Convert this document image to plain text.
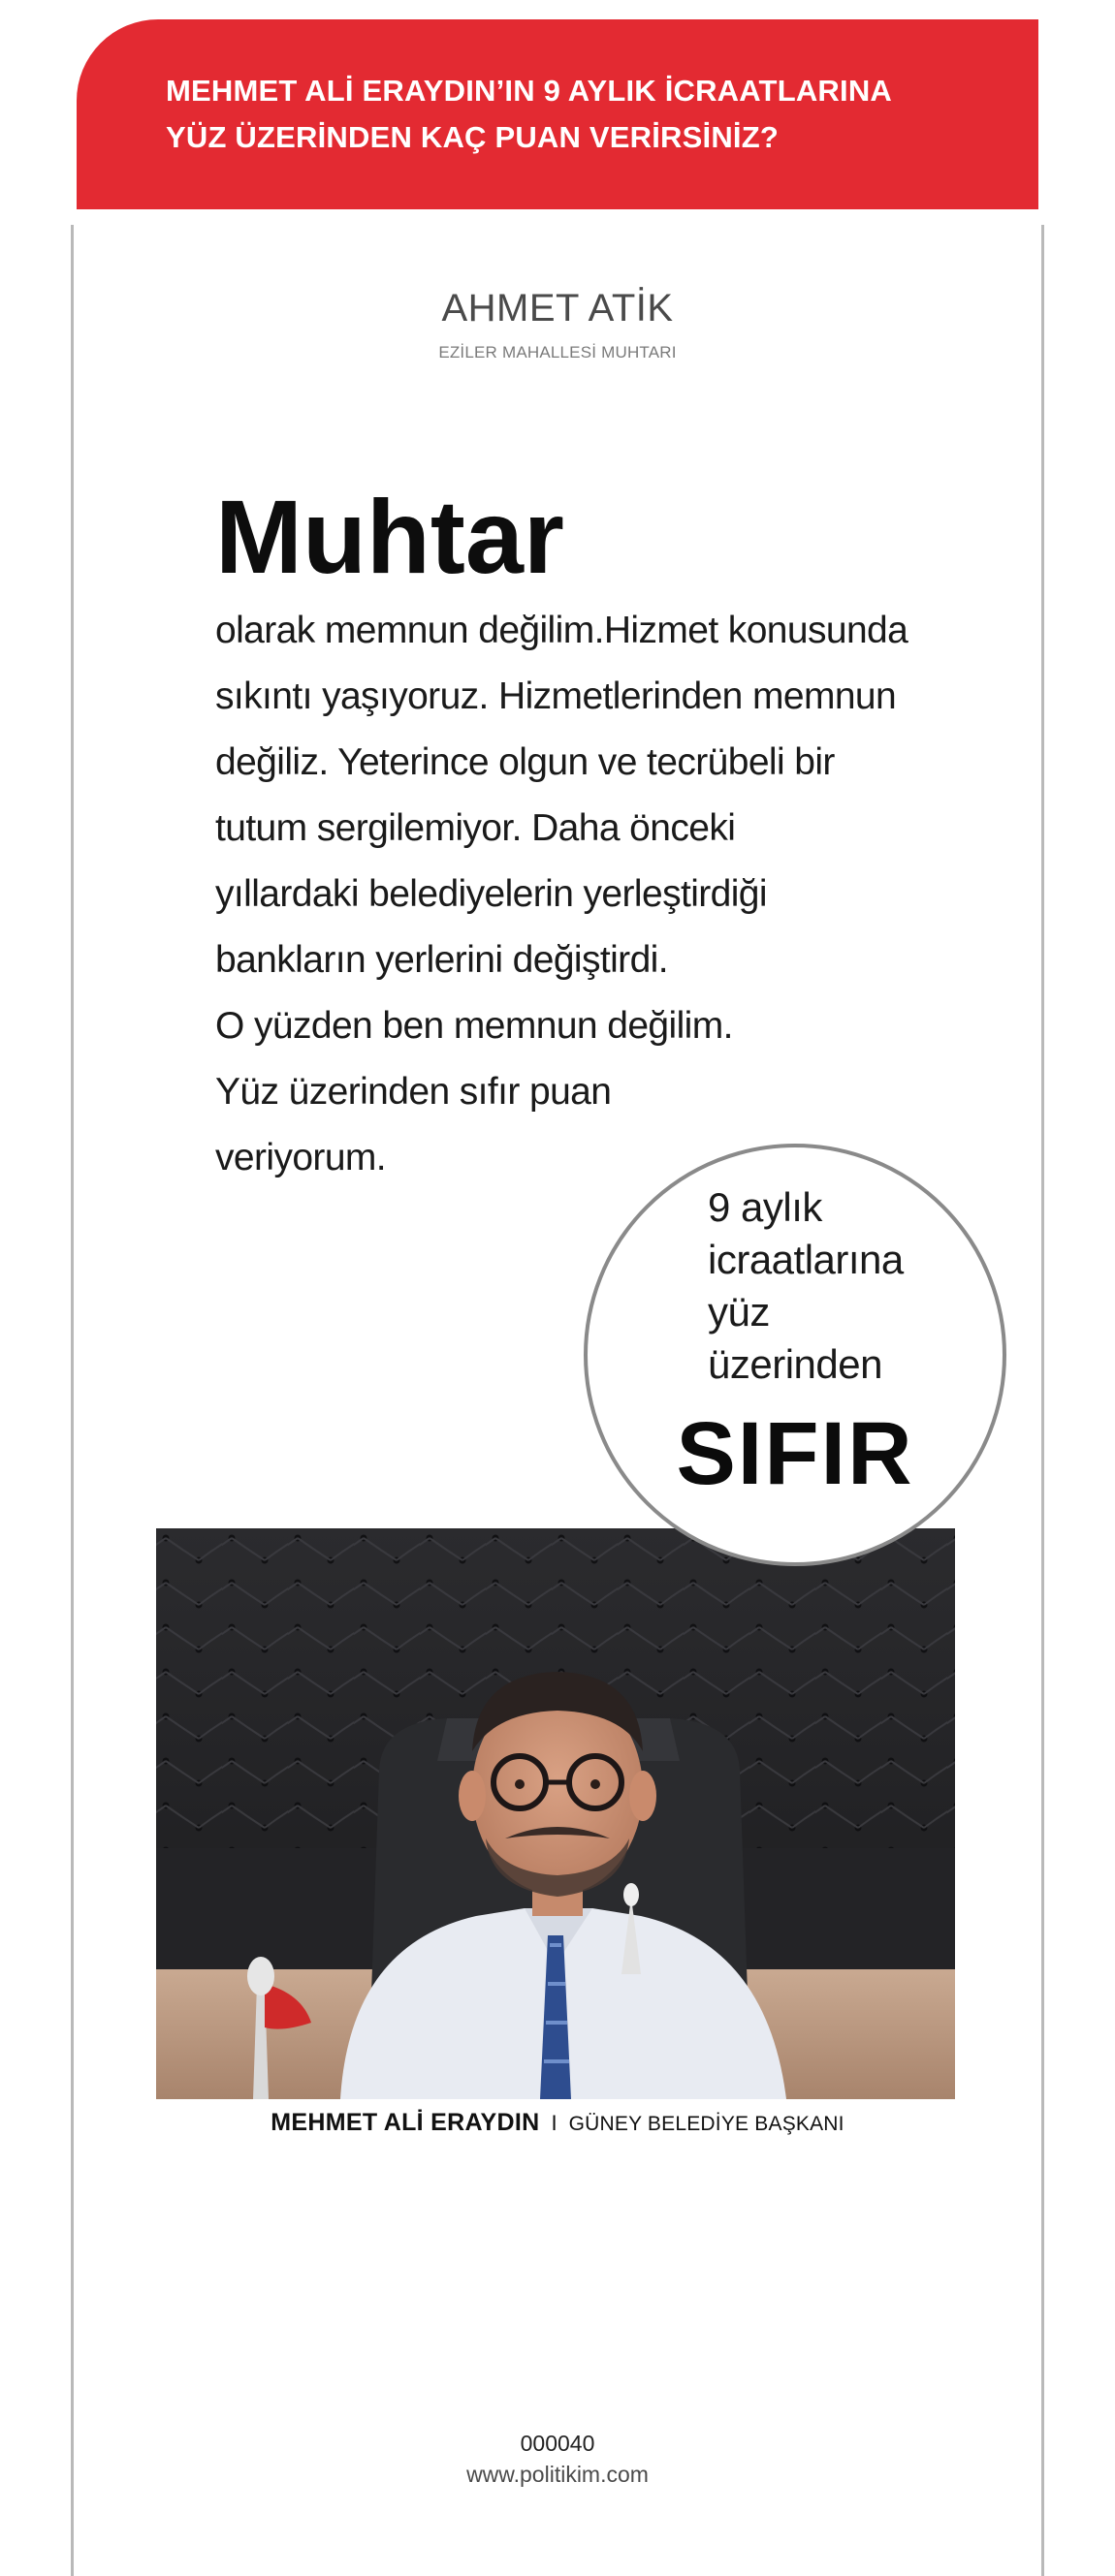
MEHMET ALİ ERAYDIN’IN 9 AYLIK İCRAATLARINA

YÜZ ÜZERİNDEN KAÇ PUAN VERİRSİNİZ?

AHMET ATİK
EZİLER MAHALLESİ MUHTARI
Muhtar
olarak memnun değilim.Hizmet konusunda
sıkıntı yaşıyoruz. Hizmetlerinden memnun
değiliz. Yeterince olgun ve tecrübeli bir
tutum sergilemiyor. Daha önceki
yıllardaki belediyelerin yerleştirdiği
bankların yerlerini değiştirdi.
O yüzden ben memnun değilim.
Yüz üzerinden sıfır puan
veriyorum.
9 aylık
icraatlarına
yüz
üzerinden
SIFIR
MEHMET ALİ ERAYDIN I GÜNEY BELEDİYE BAŞKANI
000040
www.politikim.com
